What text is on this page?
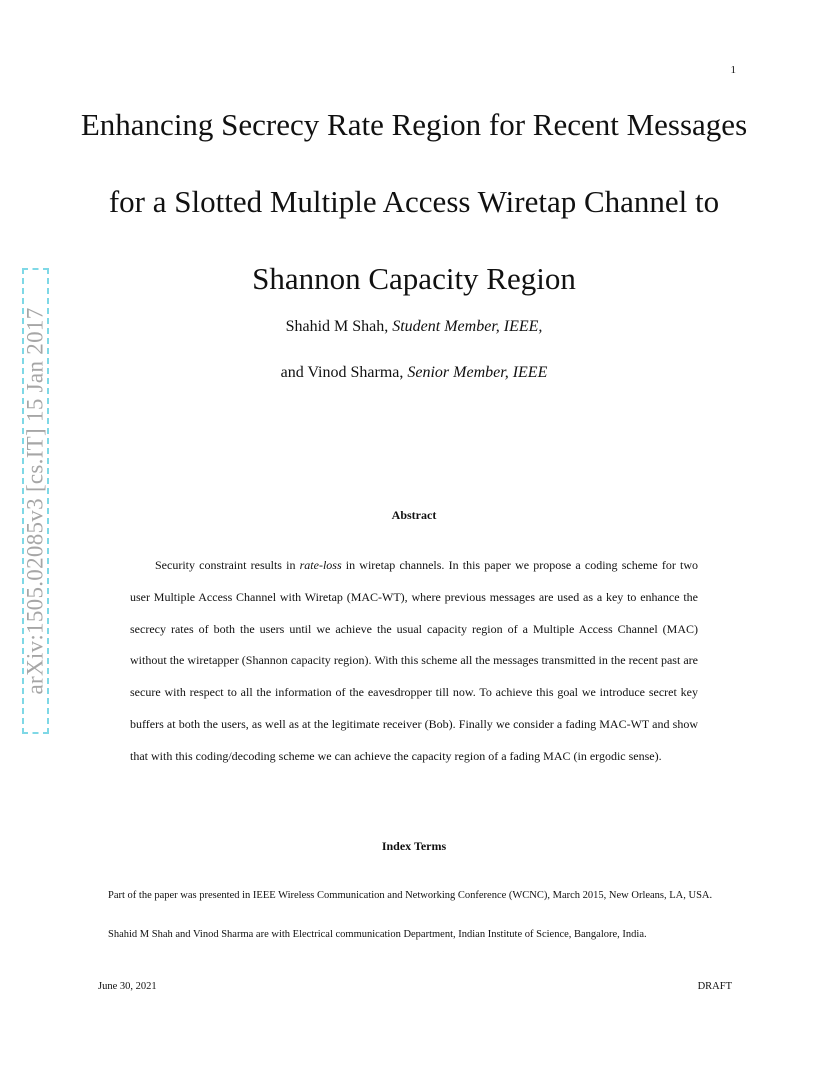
1
arXiv:1505.02085v3 [cs.IT] 15 Jan 2017
Enhancing Secrecy Rate Region for Recent Messages for a Slotted Multiple Access Wiretap Channel to Shannon Capacity Region
Shahid M Shah, Student Member, IEEE,
and Vinod Sharma, Senior Member, IEEE
Abstract

Security constraint results in rate-loss in wiretap channels. In this paper we propose a coding scheme for two user Multiple Access Channel with Wiretap (MAC-WT), where previous messages are used as a key to enhance the secrecy rates of both the users until we achieve the usual capacity region of a Multiple Access Channel (MAC) without the wiretapper (Shannon capacity region). With this scheme all the messages transmitted in the recent past are secure with respect to all the information of the eavesdropper till now. To achieve this goal we introduce secret key buffers at both the users, as well as at the legitimate receiver (Bob). Finally we consider a fading MAC-WT and show that with this coding/decoding scheme we can achieve the capacity region of a fading MAC (in ergodic sense).

Index Terms

Part of the paper was presented in IEEE Wireless Communication and Networking Conference (WCNC), March 2015, New Orleans, LA, USA.

Shahid M Shah and Vinod Sharma are with Electrical communication Department, Indian Institute of Science, Bangalore, India.

June 30, 2021	DRAFT
